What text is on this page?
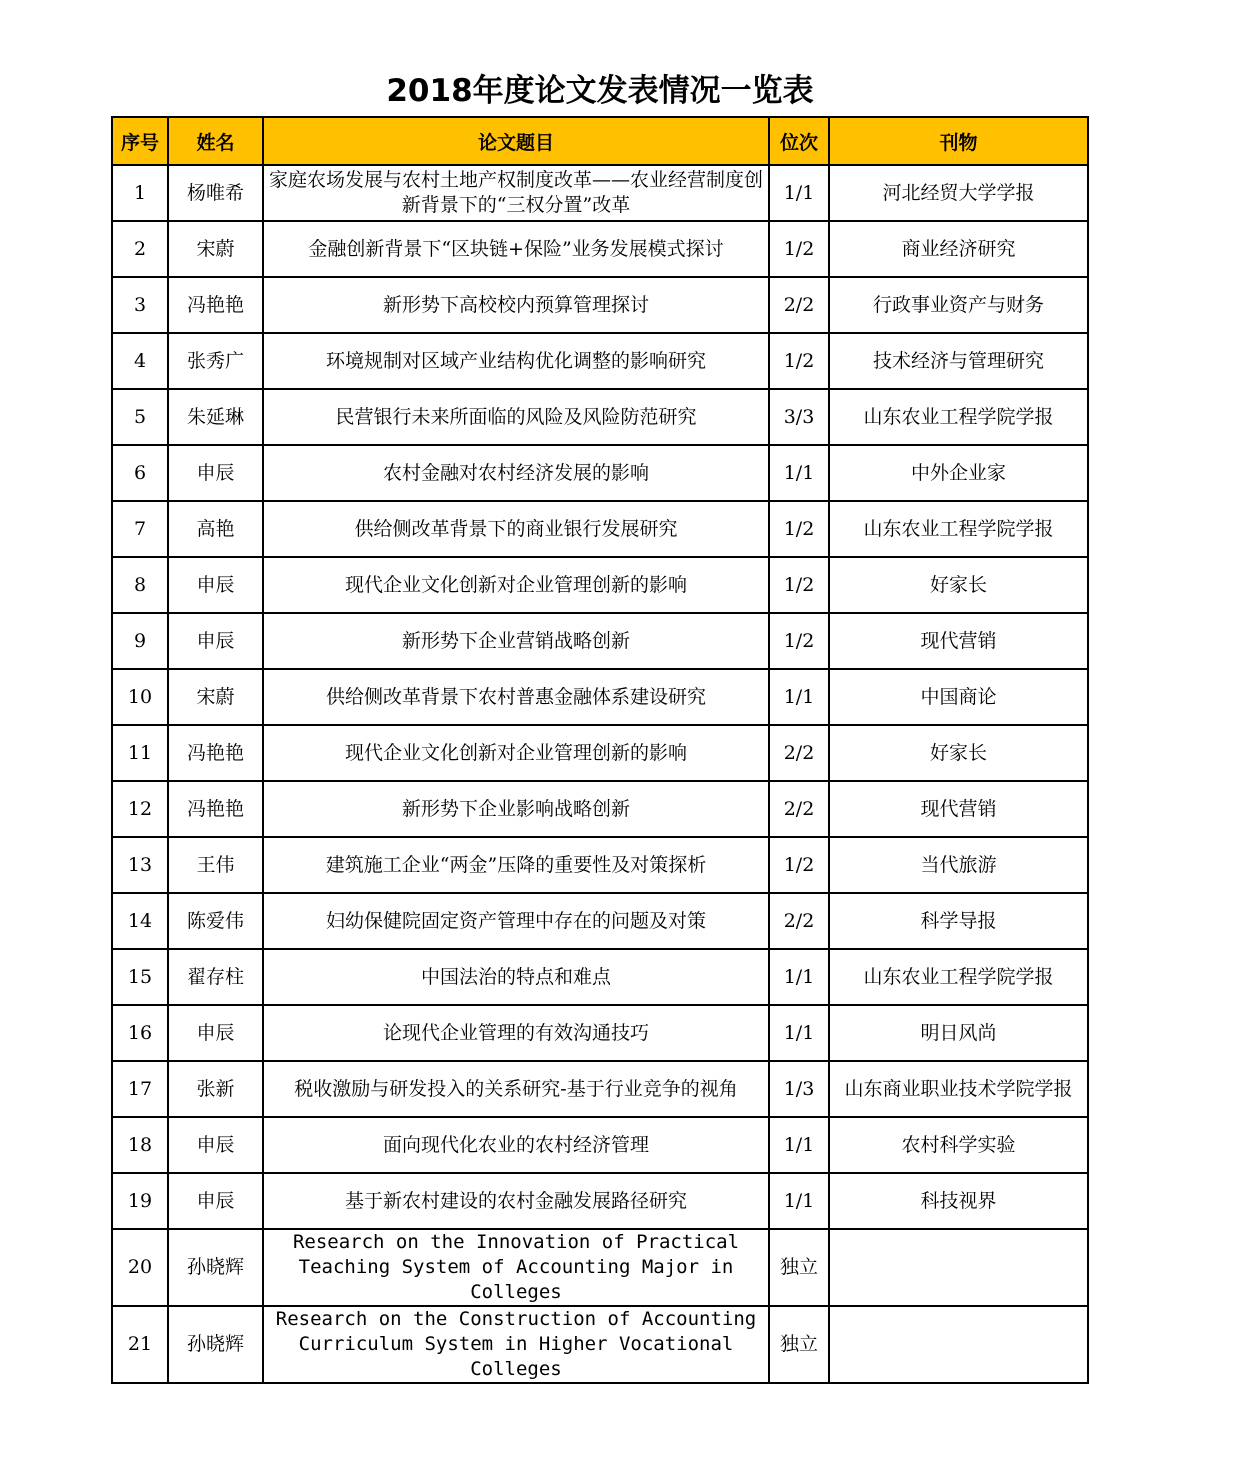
2018年度论文发表情况一览表
序号	姓名	论文题目	位次	刊物
1	杨唯希	家庭农场发展与农村土地产权制度改革——农业经营制度创新背景下的“三权分置”改革	1/1	河北经贸大学学报
2	宋蔚	金融创新背景下“区块链+保险”业务发展模式探讨	1/2	商业经济研究
3	冯艳艳	新形势下高校校内预算管理探讨	2/2	行政事业资产与财务
4	张秀广	环境规制对区域产业结构优化调整的影响研究	1/2	技术经济与管理研究
5	朱延琳	民营银行未来所面临的风险及风险防范研究	3/3	山东农业工程学院学报
6	申辰	农村金融对农村经济发展的影响	1/1	中外企业家
7	高艳	供给侧改革背景下的商业银行发展研究	1/2	山东农业工程学院学报
8	申辰	现代企业文化创新对企业管理创新的影响	1/2	好家长
9	申辰	新形势下企业营销战略创新	1/2	现代营销
10	宋蔚	供给侧改革背景下农村普惠金融体系建设研究	1/1	中国商论
11	冯艳艳	现代企业文化创新对企业管理创新的影响	2/2	好家长
12	冯艳艳	新形势下企业影响战略创新	2/2	现代营销
13	王伟	建筑施工企业“两金”压降的重要性及对策探析	1/2	当代旅游
14	陈爱伟	妇幼保健院固定资产管理中存在的问题及对策	2/2	科学导报
15	翟存柱	中国法治的特点和难点	1/1	山东农业工程学院学报
16	申辰	论现代企业管理的有效沟通技巧	1/1	明日风尚
17	张新	税收激励与研发投入的关系研究-基于行业竞争的视角	1/3	山东商业职业技术学院学报
18	申辰	面向现代化农业的农村经济管理	1/1	农村科学实验
19	申辰	基于新农村建设的农村金融发展路径研究	1/1	科技视界
20	孙晓辉	Research on the Innovation of Practical Teaching System of Accounting Major in Colleges	独立	
21	孙晓辉	Research on the Construction of Accounting Curriculum System in Higher Vocational Colleges	独立	
